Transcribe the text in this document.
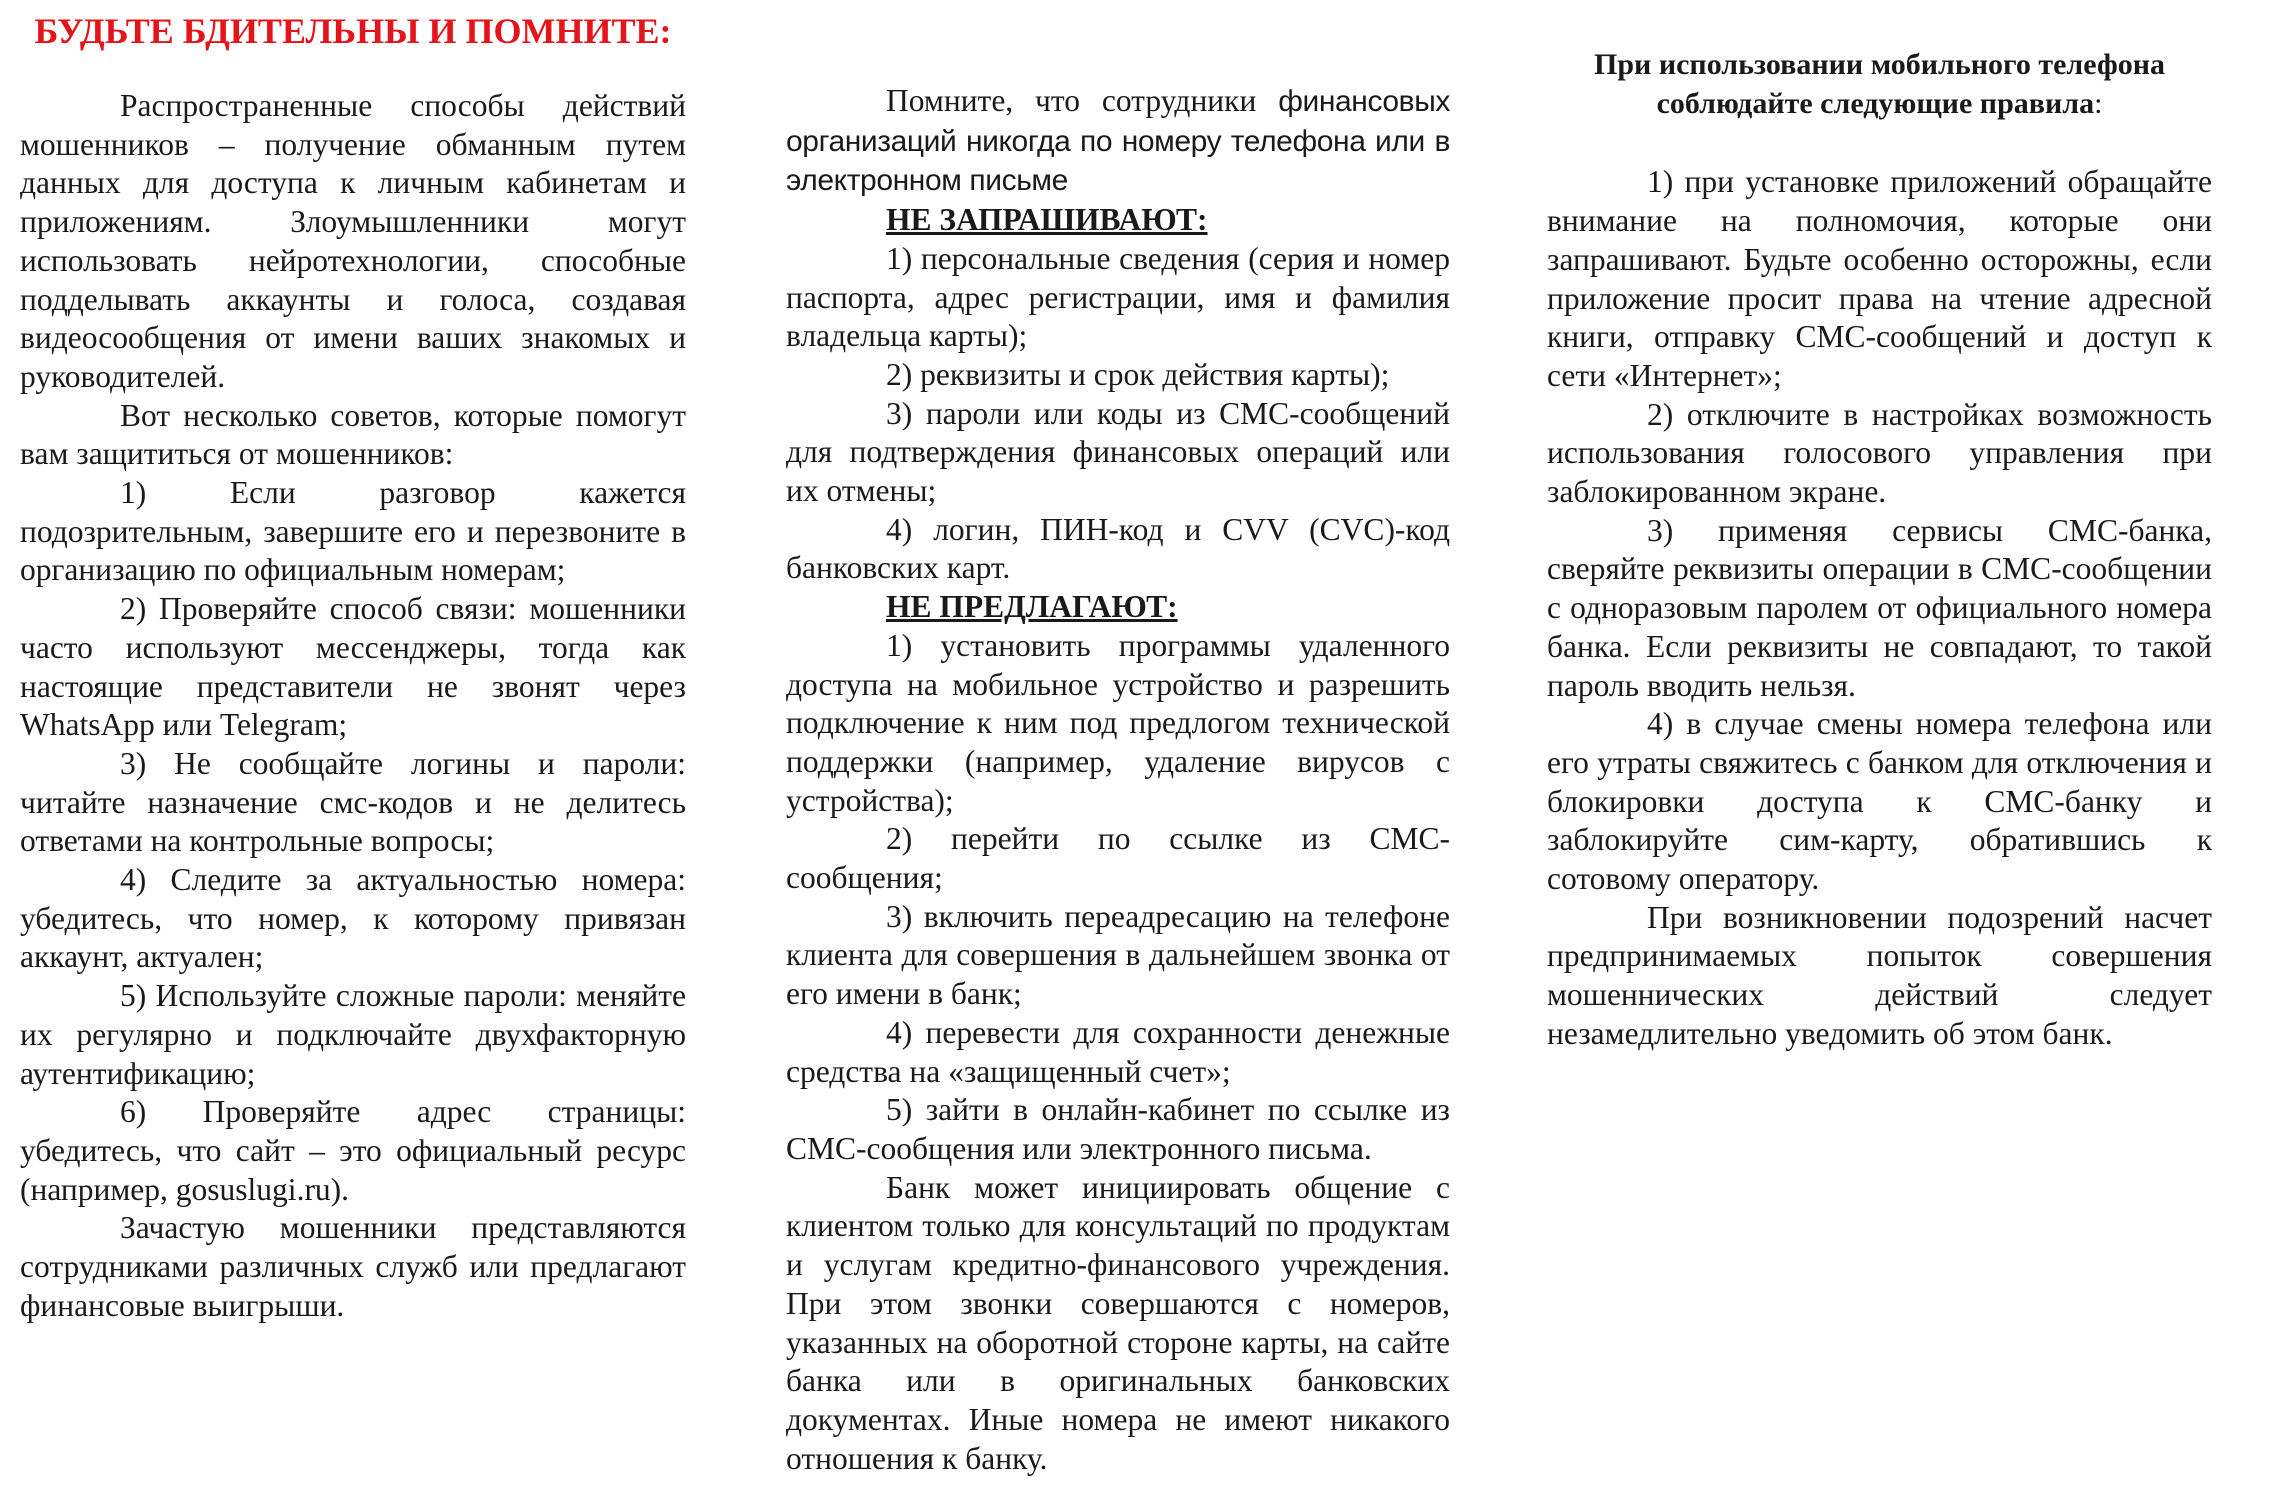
БУДЬТЕ БДИТЕЛЬНЫ И ПОМНИТЕ:

Распространенные способы действий мошенников – получение обманным путем данных для доступа к личным кабинетам и приложениям. Злоумышленники могут использовать нейротехнологии, способные подделывать аккаунты и голоса, создавая видеосообщения от имени ваших знакомых и руководителей.

Вот несколько советов, которые помогут вам защититься от мошенников:

1) Если разговор кажется подозрительным, завершите его и перезвоните в организацию по официальным номерам;

2) Проверяйте способ связи: мошенники часто используют мессенджеры, тогда как настоящие представители не звонят через WhatsApp или Telegram;

3) Не сообщайте логины и пароли: читайте назначение смс-кодов и не делитесь ответами на контрольные вопросы;

4) Следите за актуальностью номера: убедитесь, что номер, к которому привязан аккаунт, актуален;

5) Используйте сложные пароли: меняйте их регулярно и подключайте двухфакторную аутентификацию;

6) Проверяйте адрес страницы: убедитесь, что сайт – это официальный ресурс (например, gosuslugi.ru).

Зачастую мошенники представляются сотрудниками различных служб или предлагают финансовые выигрыши.

Помните, что сотрудники финансовых организаций никогда по номеру телефона или в электронном письме

НЕ ЗАПРАШИВАЮТ:

1) персональные сведения (серия и номер паспорта, адрес регистрации, имя и фамилия владельца карты);

2) реквизиты и срок действия карты);

3) пароли или коды из СМС-сообщений для подтверждения финансовых операций или их отмены;

4) логин, ПИН-код и CVV (CVC)-код банковских карт.

НЕ ПРЕДЛАГАЮТ:

1) установить программы удаленного доступа на мобильное устройство и разрешить подключение к ним под предлогом технической поддержки (например, удаление вирусов с устройства);

2) перейти по ссылке из СМС-сообщения;

3) включить переадресацию на телефоне клиента для совершения в дальнейшем звонка от его имени в банк;

4) перевести для сохранности денежные средства на «защищенный счет»;

5) зайти в онлайн-кабинет по ссылке из СМС-сообщения или электронного письма.

Банк может инициировать общение с клиентом только для консультаций по продуктам и услугам кредитно-финансового учреждения. При этом звонки совершаются с номеров, указанных на оборотной стороне карты, на сайте банка или в оригинальных банковских документах. Иные номера не имеют никакого отношения к банку.

При использовании мобильного телефона соблюдайте следующие правила:

1) при установке приложений обращайте внимание на полномочия, которые они запрашивают. Будьте особенно осторожны, если приложение просит права на чтение адресной книги, отправку СМС-сообщений и доступ к сети «Интернет»;

2) отключите в настройках возможность использования голосового управления при заблокированном экране.

3) применяя сервисы СМС-банка, сверяйте реквизиты операции в СМС-сообщении с одноразовым паролем от официального номера банка. Если реквизиты не совпадают, то такой пароль вводить нельзя.

4) в случае смены номера телефона или его утраты свяжитесь с банком для отключения и блокировки доступа к СМС-банку и заблокируйте сим-карту, обратившись к сотовому оператору.

При возникновении подозрений насчет предпринимаемых попыток совершения мошеннических действий следует незамедлительно уведомить об этом банк.
